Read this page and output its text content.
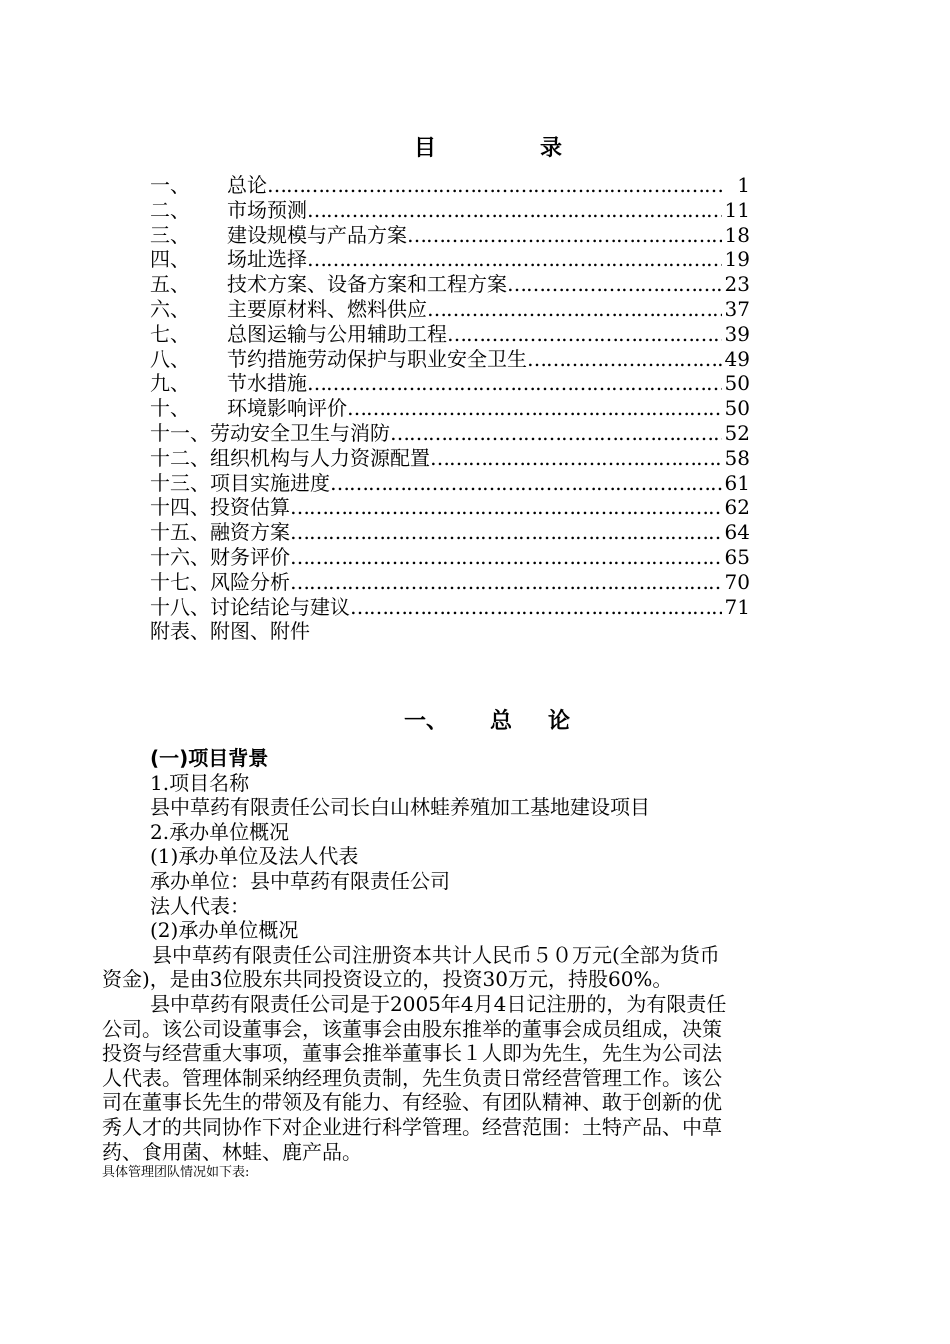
目	录
一、	总论 ……………………………………………………………………………………………………………………………………	1
二、	市场预测 ……………………………………………………………………………………………………………………………………	11
三、	建设规模与产品方案 ……………………………………………………………………………………………………………………………………	18
四、	场址选择 ……………………………………………………………………………………………………………………………………	19
五、	技术方案、设备方案和工程方案 ……………………………………………………………………………………………………………………………………	23
六、	主要原材料、燃料供应 ……………………………………………………………………………………………………………………………………	37
七、	总图运输与公用辅助工程 ……………………………………………………………………………………………………………………………………	39
八、	节约措施劳动保护与职业安全卫生 ……………………………………………………………………………………………………………………………………	49
九、	节水措施 ……………………………………………………………………………………………………………………………………	50
十、	环境影响评价 ……………………………………………………………………………………………………………………………………	50
十一、 劳动安全卫生与消防 ……………………………………………………………………………………………………………………………………	52
十二、 组织机构与人力资源配置 ……………………………………………………………………………………………………………………………………	58
十三、 项目实施进度 ……………………………………………………………………………………………………………………………………	61
十四、 投资估算 ……………………………………………………………………………………………………………………………………	62
十五、 融资方案 ……………………………………………………………………………………………………………………………………	64
十六、 财务评价 ……………………………………………………………………………………………………………………………………	65
十七、 风险分析 ……………………………………………………………………………………………………………………………………	70
十八、 讨论结论与建议 ……………………………………………………………………………………………………………………………………	71
附表、附图、附件
一、 总 论
(一)项目背景
1.项目名称
县中草药有限责任公司长白山林蛙养殖加工基地建设项目
2.承办单位概况
(1)承办单位及法人代表
承办单位：县中草药有限责任公司
法人代表：
(2)承办单位概况
县中草药有限责任公司注册资本共计人民币５０万元(全部为货币
资金)，是由3位股东共同投资设立的，投资30万元，持股60%。
县中草药有限责任公司是于2005年4月4日记注册的，为有限责任
公司。该公司设董事会，该董事会由股东推举的董事会成员组成，决策
投资与经营重大事项，董事会推举董事长１人即为先生，先生为公司法
人代表。管理体制采纳经理负责制，先生负责日常经营管理工作。该公
司在董事长先生的带领及有能力、有经验、有团队精神、敢于创新的优
秀人才的共同协作下对企业进行科学管理。经营范围：土特产品、中草
药、食用菌、林蛙、鹿产品。
具体管理团队情况如下表:
